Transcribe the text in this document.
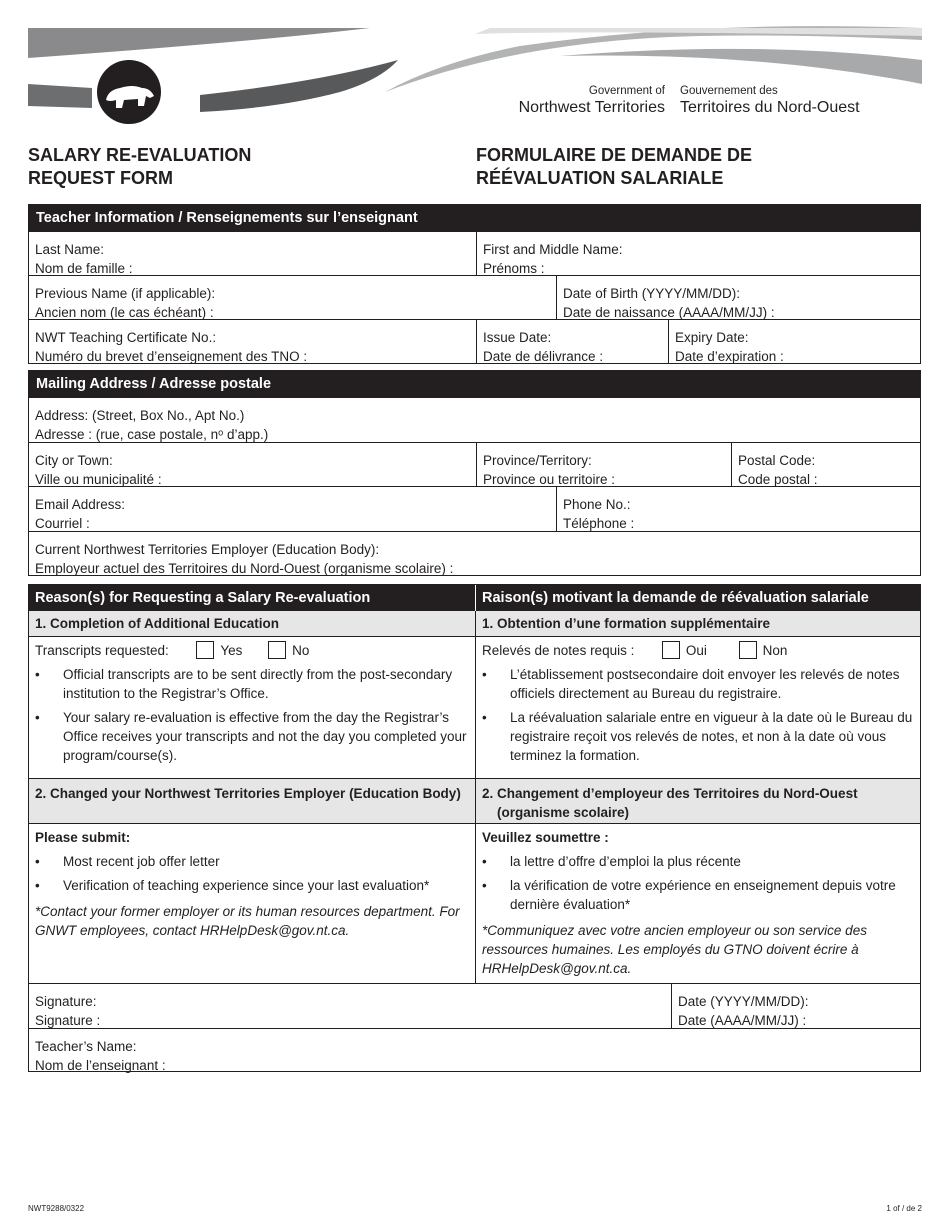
Government of
Northwest Territories
Gouvernement des
Territoires du Nord-Ouest
SALARY RE-EVALUATION
REQUEST FORM
FORMULAIRE DE DEMANDE DE
RÉÉVALUATION SALARIALE
Teacher Information / Renseignements sur l’enseignant
Last Name:
Nom de famille :
First and Middle Name:
Prénoms :
Previous Name (if applicable):
Ancien nom (le cas échéant) :
Date of Birth (YYYY/MM/DD):
Date de naissance (AAAA/MM/JJ) :
NWT Teaching Certificate No.:
Numéro du brevet d’enseignement des TNO :
Issue Date:
Date de délivrance :
Expiry Date:
Date d’expiration :
Mailing Address / Adresse postale
Address: (Street, Box No., Apt No.)
Adresse : (rue, case postale, nᵒ d’app.)
City or Town:
Ville ou municipalité :
Province/Territory:
Province ou territoire :
Postal Code:
Code postal :
Email Address:
Courriel :
Phone No.:
Téléphone :
Current Northwest Territories Employer (Education Body):
Employeur actuel des Territoires du Nord-Ouest (organisme scolaire) :
Reason(s) for Requesting a Salary Re-evaluation	Raison(s) motivant la demande de réévaluation salariale
1. Completion of Additional Education	1. Obtention d’une formation supplémentaire
Transcripts requested:	Yes	No
•	Official transcripts are to be sent directly from the post-secondary institution to the Registrar’s Office.
•	Your salary re-evaluation is effective from the day the Registrar’s Office receives your transcripts and not the day you completed your program/course(s).
Relevés de notes requis :	Oui	Non
•	L’établissement postsecondaire doit envoyer les relevés de notes officiels directement au Bureau du registraire.
•	La réévaluation salariale entre en vigueur à la date où le Bureau du registraire reçoit vos relevés de notes, et non à la date où vous terminez la formation.
2. Changed your Northwest Territories Employer (Education Body)	2. Changement d’employeur des Territoires du Nord-Ouest
(organisme scolaire)
Please submit:
•	Most recent job offer letter
•	Verification of teaching experience since your last evaluation*
*Contact your former employer or its human resources department. For GNWT employees, contact HRHelpDesk@gov.nt.ca.
Veuillez soumettre :
•	la lettre d’offre d’emploi la plus récente
•	la vérification de votre expérience en enseignement depuis votre dernière évaluation*
*Communiquez avec votre ancien employeur ou son service des ressources humaines. Les employés du GTNO doivent écrire à HRHelpDesk@gov.nt.ca.
Signature:
Signature :
Date (YYYY/MM/DD):
Date (AAAA/MM/JJ) :
Teacher’s Name:
Nom de l’enseignant :
NWT9288/0322	1 of / de 2
